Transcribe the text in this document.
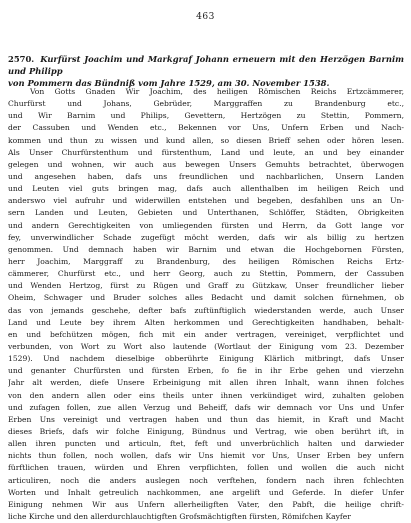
463
2570. Kurfürst Joachim und Markgraf Johann erneuern mit den Herzögen Barnim und Philipp
von Pommern das Bündniß vom Jahre 1529, am 30. November 1538.
Von Gotts Gnaden Wir Joachim, des heiligen Römischen Reichs Ertzcämmerer,
Churfürst und Johans, Gebrüder, Marggraffen zu Brandenburg etc.,
und Wir Barnim und Philips, Gevettern, Hertzögen zu Stettin, Pommern,
der Cassuben und Wenden etc., Bekennen vor Uns, Unfern Erben und Nach-
kommen und thun zu wissen und kund allen, so diesen Brieff sehen oder hören lesen.
Als Unser Churfürstenthum und fürstenthum, Land und leute, an und bey einander
gelegen und wohnen, wir auch aus bewegen Unsers Gemuhts betrachtet, überwogen
und angesehen haben, dafs uns freundlichen und nachbarlichen, Unsern Landen
und Leuten viel guts bringen mag, dafs auch allenthalben im heiligen Reich und
anderswo viel aufruhr und widerwillen entstehen und begeben, desfahlben uns an Un-
sern Landen und Leuten, Gebieten und Unterthanen, Schlöffer, Städten, Obrigkeiten
und andern Gerechtigkeiten von umliegenden fürsten und Herrn, da Gott lange vor
fey, unverwindlicher Schade zugefügt möcht werden, dafs wir als billig zu hertzen
genommen. Und demnach haben wir Barnim und etwan die Hochgebornen Fürsten,
herr Joachim, Marggraff zu Brandenburg, des heiligen Römischen Reichs Ertz-
cämmerer, Churfürst etc., und herr Georg, auch zu Stettin, Pommern, der Cassuben
und Wenden Hertzog, fürst zu Rügen und Graff zu Gützkaw, Unser freundlicher lieber
Oheim, Schwager und Bruder solches alles Bedacht und damit solchen fürnehmen, ob
das von jemands geschehe, defter bafs zuftünftiglich wiederstanden werde, auch Unser
Land und Leute bey ihrem Alten herkommen und Gerechtigkeiten handhaben, behalt-
en und befchützen mögen, fich mit ein ander vertragen, vereiniget, verpflichtet und
verbunden, von Wort zu Wort also lautende (Wortlaut der Einigung vom 23. Dezember
1529). Und nachdem dieselbige obberührte Einigung Klärlich mitbringt, dafs Unser
und genanter Churfürsten und fürsten Erben, fo fie in ihr Erbe gehen und vierzehn
Jahr alt werden, diefe Unsere Erbeinigung mit allen ihren Inhalt, wann ihnen folches
von den andern allen oder eins theils unter ihnen verkündiget wird, zuhalten geloben
und zufagen follen, zue allen Verzug und Beheiff, dafs wir demnach vor Uns und Unfer
Erben Uns vereinigt und vertragen haben und thun das hiemit, in Kraft und Macht
dieses Briefs, dafs wir folche Einigung, Bündnus und Vertrag, wie oben berührt ift, in
allen ihren puncten und articuln, ftet, feft und unverbrüchlich halten und darwieder
nichts thun follen, noch wollen, dafs wir Uns hiemit vor Uns, Unser Erben bey unfern
fürftlichen trauen, würden und Ehren verpflichten, follen und wollen die auch nicht
articuliren, noch die anders auslegen noch verftehen, fondern nach ihren fchlechten
Worten und Inhalt getreulich nachkommen, ane argelift und Geferde. In diefer Unfer
Einigung nehmen Wir aus Unfern allerheiligften Vater, den Pabft, die heilige chrift-
liche Kirche und den allerdurchlauchtigften Grofsmächtigften fürsten, Römifchen Kayfer
